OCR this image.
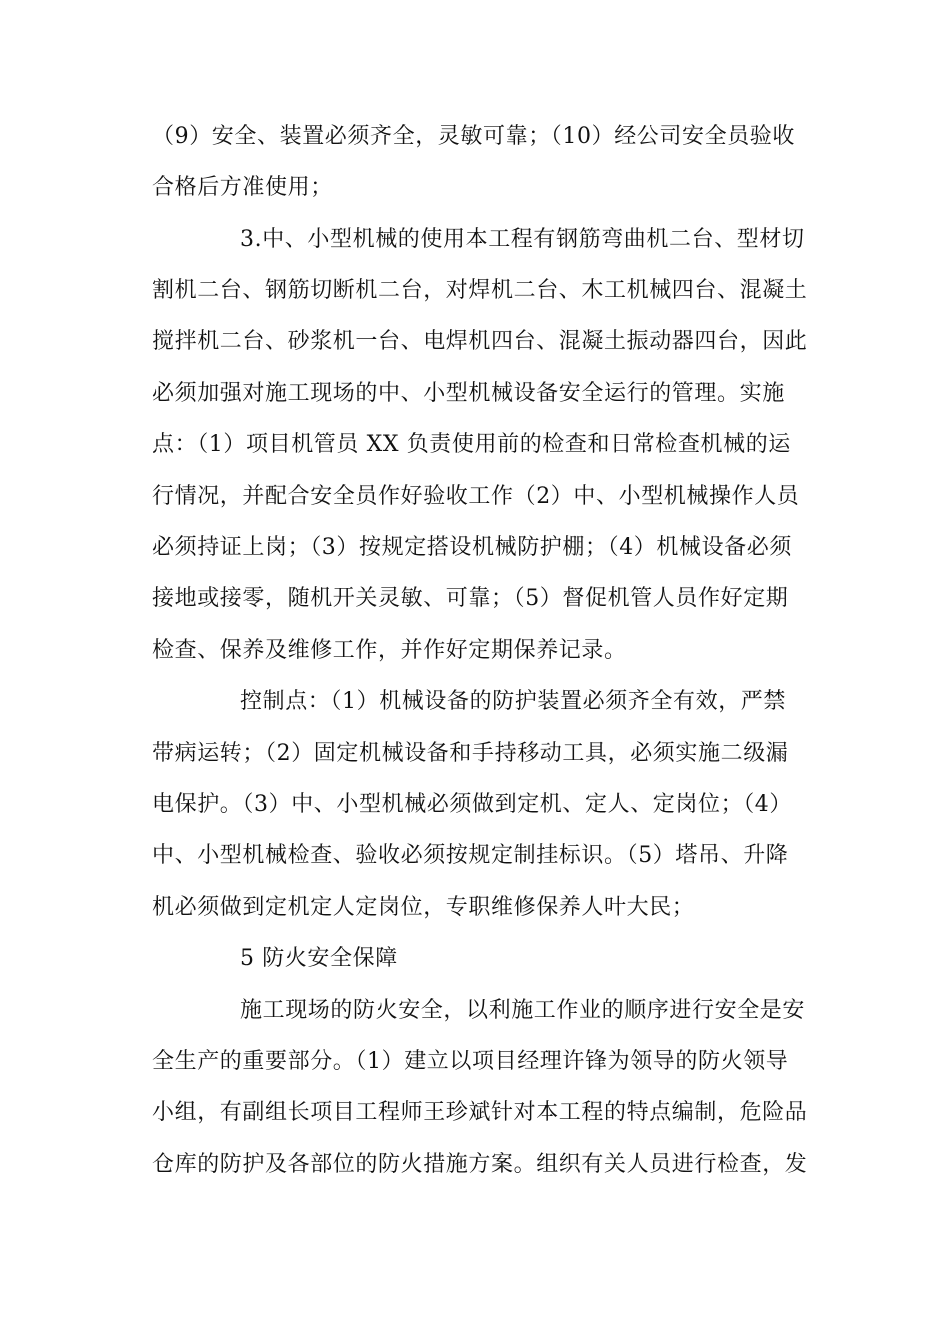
（9）安全、装置必须齐全，灵敏可靠；（10）经公司安全员验收
合格后方准使用；
3.中、小型机械的使用本工程有钢筋弯曲机二台、型材切
割机二台、钢筋切断机二台，对焊机二台、木工机械四台、混凝土
搅拌机二台、砂浆机一台、电焊机四台、混凝土振动器四台，因此
必须加强对施工现场的中、小型机械设备安全运行的管理。实施
点：（1）项目机管员 XX 负责使用前的检查和日常检查机械的运
行情况，并配合安全员作好验收工作（2）中、小型机械操作人员
必须持证上岗；（3）按规定搭设机械防护棚；（4）机械设备必须
接地或接零，随机开关灵敏、可靠；（5）督促机管人员作好定期
检查、保养及维修工作，并作好定期保养记录。
控制点：（1）机械设备的防护装置必须齐全有效，严禁
带病运转；（2）固定机械设备和手持移动工具，必须实施二级漏
电保护。（3）中、小型机械必须做到定机、定人、定岗位；（4）
中、小型机械检查、验收必须按规定制挂标识。（5）塔吊、升降
机必须做到定机定人定岗位，专职维修保养人叶大民；
5 防火安全保障
施工现场的防火安全，以利施工作业的顺序进行安全是安
全生产的重要部分。（1）建立以项目经理许锋为领导的防火领导
小组，有副组长项目工程师王珍斌针对本工程的特点编制，危险品
仓库的防护及各部位的防火措施方案。组织有关人员进行检查，发
